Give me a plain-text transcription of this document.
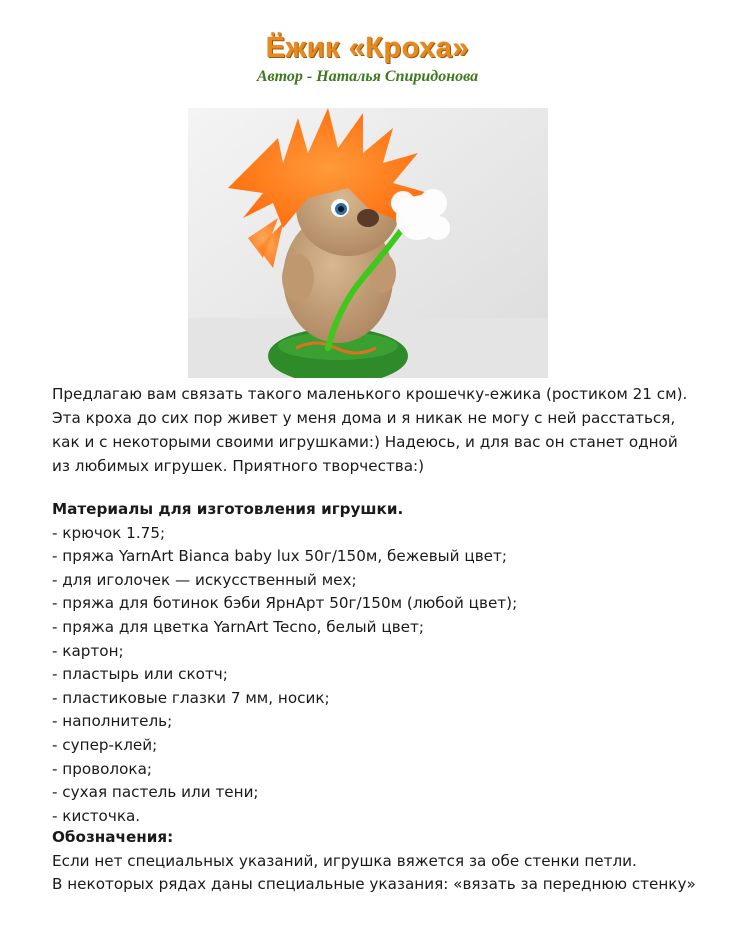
Ёжик «Кроха»
Автор - Наталья Спиридонова

Предлагаю вам связать такого маленького крошечку-ежика (ростиком 21 см).

Эта кроха до сих пор живет у меня дома и я никак не могу с ней расстаться,

как и с некоторыми своими игрушками:) Надеюсь, и для вас он станет одной

из любимых игрушек. Приятного творчества:)

Материалы для изготовления игрушки.

- крючок 1.75;
- пряжа YarnArt Bianca baby lux 50г/150м, бежевый цвет;
- для иголочек — искусственный мех;
- пряжа для ботинок бэби ЯрнАрт 50г/150м (любой цвет);
- пряжа для цветка YarnArt Tecno, белый цвет;
- картон;
- пластырь или скотч;
- пластиковые глазки 7 мм, носик;
- наполнитель;
- супер-клей;
- проволока;
- сухая пастель или тени;
- кисточка.

Обозначения:

Если нет специальных указаний, игрушка вяжется за обе стенки петли.

В некоторых рядах даны специальные указания: «вязать за переднюю стенку»
